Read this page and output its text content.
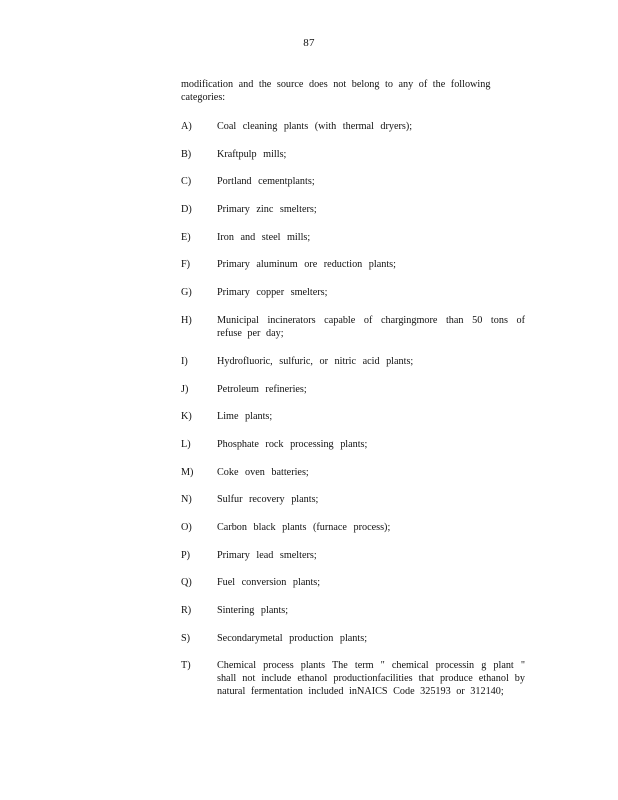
87
modification and the source does not belong to any of the following categories:
A)	Coal cleaning plants (with thermal dryers);
B)	Kraftpulp mills;
C)	Portland cementplants;
D)	Primary zinc smelters;
E)	Iron and steel mills;
F)	Primary aluminum ore reduction plants;
G)	Primary copper smelters;
H)	Municipal incinerators capable of chargingmore than 50 tons of refuse per day;
I)	Hydrofluoric, sulfuric, or nitric acid plants;
J)	Petroleum refineries;
K)	Lime plants;
L)	Phosphate rock processing plants;
M)	Coke oven batteries;
N)	Sulfur recovery plants;
O)	Carbon black plants (furnace process);
P)	Primary lead smelters;
Q)	Fuel conversion plants;
R)	Sintering plants;
S)	Secondarymetal production plants;
T)	Chemical process plants The term " chemical processin g plant " shall not include ethanol productionfacilities that produce ethanol by natural fermentation included inNAICS Code 325193 or 312140;
